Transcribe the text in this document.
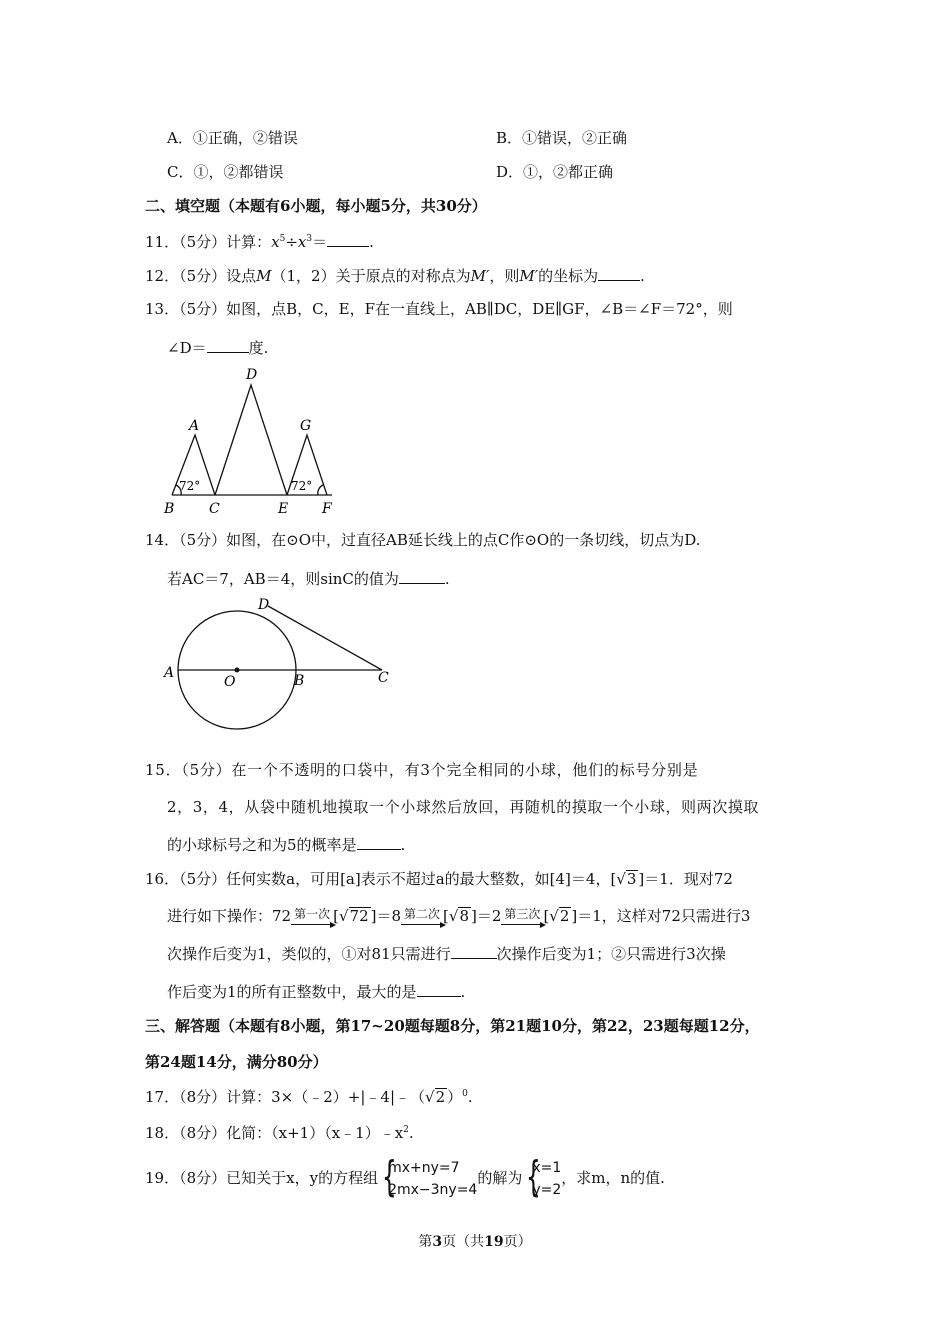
A．①正确，②错误	B．①错误，②正确
C．①，②都错误	D．①，②都正确
二、填空题（本题有6小题，每小题5分，共30分）
11．（5分）计算：$x^5\div x^3=$	.
12．（5分）设点M（1，2）关于原点的对称点为M′，则M′的坐标为	.
13．（5分）如图，点B，C，E，F在一直线上，AB∥DC，DE∥GF，∠B＝∠F＝72°，则
∠D＝	度.
D
A	G
B C	E F
72°	72°
14．（5分）如图，在⊙O中，过直径AB延长线上的点C作⊙O的一条切线，切点为D.
若AC＝7，AB＝4，则sinC的值为	.
D
A
O	B	C
15．（5分）在一个不透明的口袋中，有3个完全相同的小球，他们的标号分别是
2，3，4，从袋中随机地摸取一个小球然后放回，再随机的摸取一个小球，则两次摸取
的小球标号之和为5的概率是	.
16．（5分）任何实数a，可用[a]表示不超过a的最大整数，如[4]＝4，[√3 ]＝1．现对72
进行如下操作：72 第一次 [√72 ]＝8 第二次 [√8 ]＝2 第三次 [√2 ]＝1，这样对72只需进行3
次操作后变为1，类似的，①对81只需进行	次操作后变为1；②只需进行3次操
作后变为1的所有正整数中，最大的是	.
三、解答题（本题有8小题，第17~20题每题8分，第21题10分，第22，23题每题12分，
第24题14分，满分80分）
17．（8分）计算：3×（﹣2）+|﹣4|﹣（√2 ）$^0$.
18．（8分）化简：$(x+1)(x﹣1)﹣x^2$.
19．（8分）已知关于x，y的方程组
{ mx+ny=7
2mx−3ny=4
的解为
{ x=1
y=2
，求m，n的值.
第3页（共19页）
